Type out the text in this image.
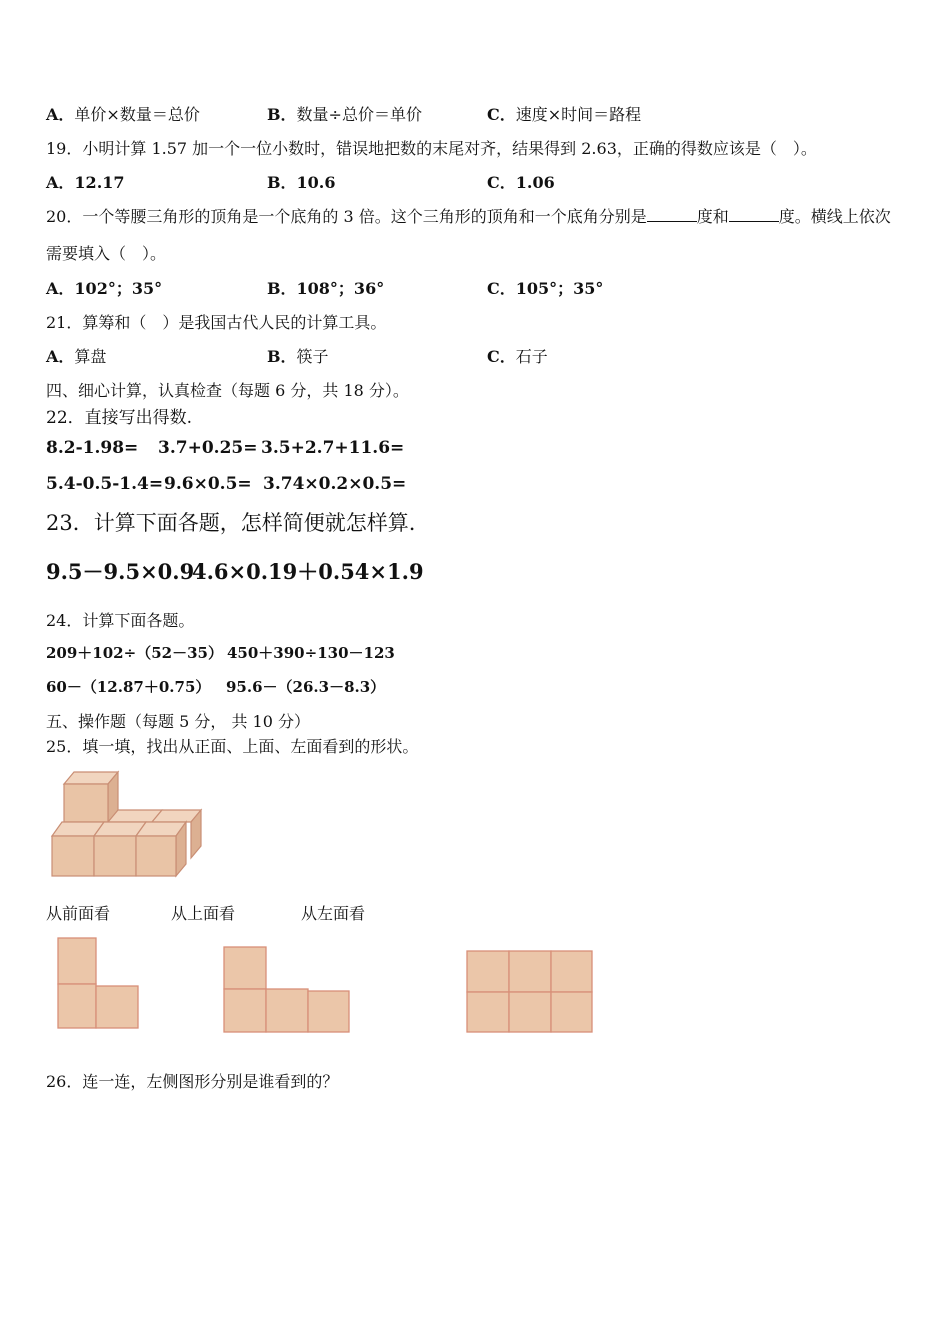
A．单价×数量＝总价	B．数量÷总价＝单价	C．速度×时间＝路程
19．小明计算 1.57 加一个一位小数时，错误地把数的末尾对齐，结果得到 2.63，正确的得数应该是（　）。
A．12.17	B．10.6	C．1.06
20．一个等腰三角形的顶角是一个底角的 3 倍。这个三角形的顶角和一个底角分别是	度和	度。横线上依次
需要填入（　）。
A．102°；35°	B．108°；36°	C．105°；35°
21．算筹和（　）是我国古代人民的计算工具。
A．算盘	B．筷子	C．石子
四、细心计算，认真检查（每题 6 分，共 18 分）。
22．直接写出得数.
8.2-1.98= 3.7+0.25= 3.5+2.7+11.6=
5.4-0.5-1.4= 9.6×0.5= 3.74×0.2×0.5=
23．计算下面各题，怎样简便就怎样算.
9.5－9.5×0.9
4.6×0.19＋0.54×1.9
24．计算下面各题。
209＋102÷（52－35） 450＋390÷130－123
60－（12.87＋0.75） 95.6－（26.3－8.3）
五、操作题（每题 5 分， 共 10 分）
25．填一填，找出从正面、上面、左面看到的形状。
从前面看	从上面看	从左面看
26．连一连，左侧图形分别是谁看到的？
